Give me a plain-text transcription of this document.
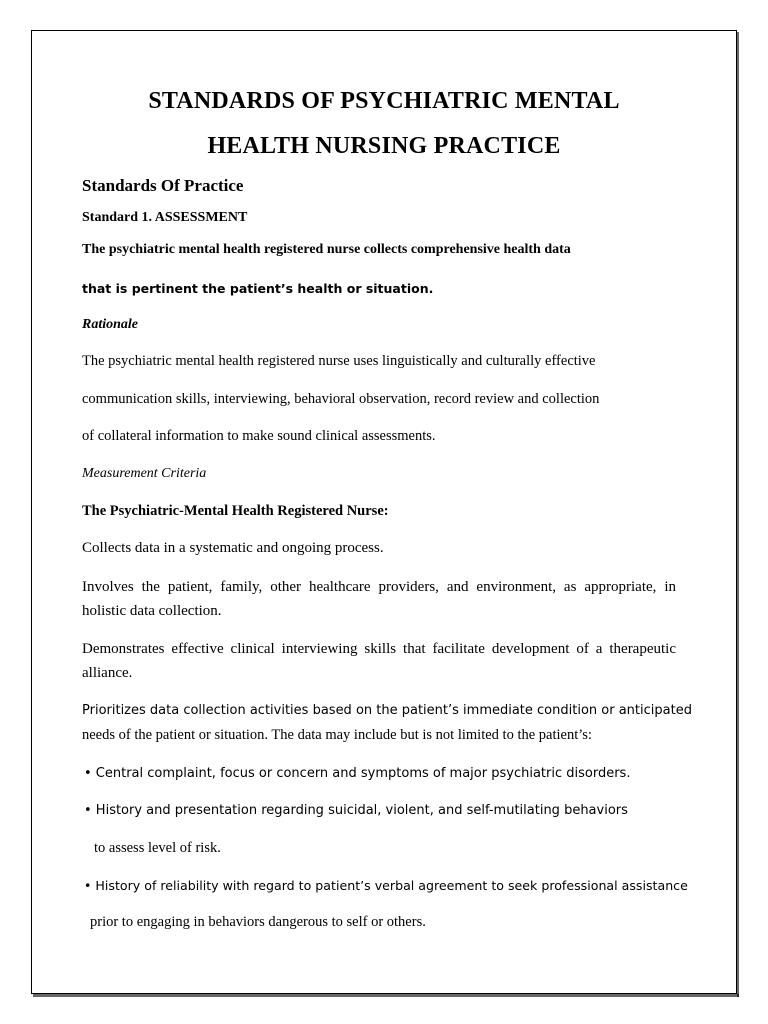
STANDARDS OF PSYCHIATRIC MENTAL
HEALTH NURSING PRACTICE
Standards Of Practice
Standard 1. ASSESSMENT
The psychiatric mental health registered nurse collects comprehensive health data
that is pertinent the patient’s health or situation.
Rationale
The psychiatric mental health registered nurse uses linguistically and culturally effective
communication skills, interviewing, behavioral observation, record review and collection
of collateral information to make sound clinical assessments.
Measurement Criteria
The Psychiatric-Mental Health Registered Nurse:
Collects data in a systematic and ongoing process.
Involves the patient, family, other healthcare providers, and environment, as appropriate, in holistic data collection.
Demonstrates effective clinical interviewing skills that facilitate development of a therapeutic alliance.
Prioritizes data collection activities based on the patient’s immediate condition or anticipated
needs of the patient or situation. The data may include but is not limited to the patient’s:
• Central complaint, focus or concern and symptoms of major psychiatric disorders.
• History and presentation regarding suicidal, violent, and self-mutilating behaviors
to assess level of risk.
• History of reliability with regard to patient’s verbal agreement to seek professional assistance
prior to engaging in behaviors dangerous to self or others.
